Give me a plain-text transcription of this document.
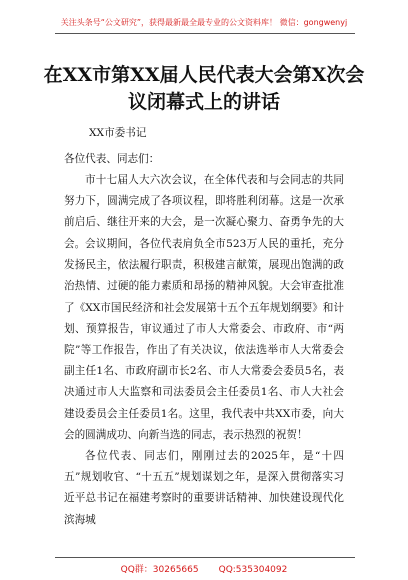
关注头条号“公文研究”，获得最新最全最专业的公文资料库！ 微信：gongwenyj
在XX市第XX届人民代表大会第X次会
议闭幕式上的讲话
XX市委书记
各位代表、同志们：

市十七届人大六次会议，在全体代表和与会同志的共同努力下，圆满完成了各项议程，即将胜利闭幕。这是一次承前启后、继往开来的大会，是一次凝心聚力、奋勇争先的大会。 会议期间，各位代表肩负全市523万人民的重托，充分发扬民主，依法履行职责，积极建言献策，展现出饱满的政治热情、过硬的能力素质和昂扬的精神风貌。大会审查批准了《XX市国民经济和社会发展第十五个五年规划纲要》和计划、预算报告，审议通过了市人大常委会、市政府、市“两院”等工作报告，作出了有关决议，依法选举市人大常委会副主任1名、市政府副市长2名、市人大常委会委员5名，表决通过市人大监察和司法委员会主任委员1名、市人大社会建设委员会主任委员1名。这里，我代表中共XX市委，向大会的圆满成功、向新当选的同志，表示热烈的祝贺！

各位代表、同志们，刚刚过去的2025年，是“十四五”规划收官、“十五五”规划谋划之年，是深入贯彻落实习近平总书记在福建考察时的重要讲话精神、加快建设现代化滨海城

QQ群：30265665 QQ:535304092
